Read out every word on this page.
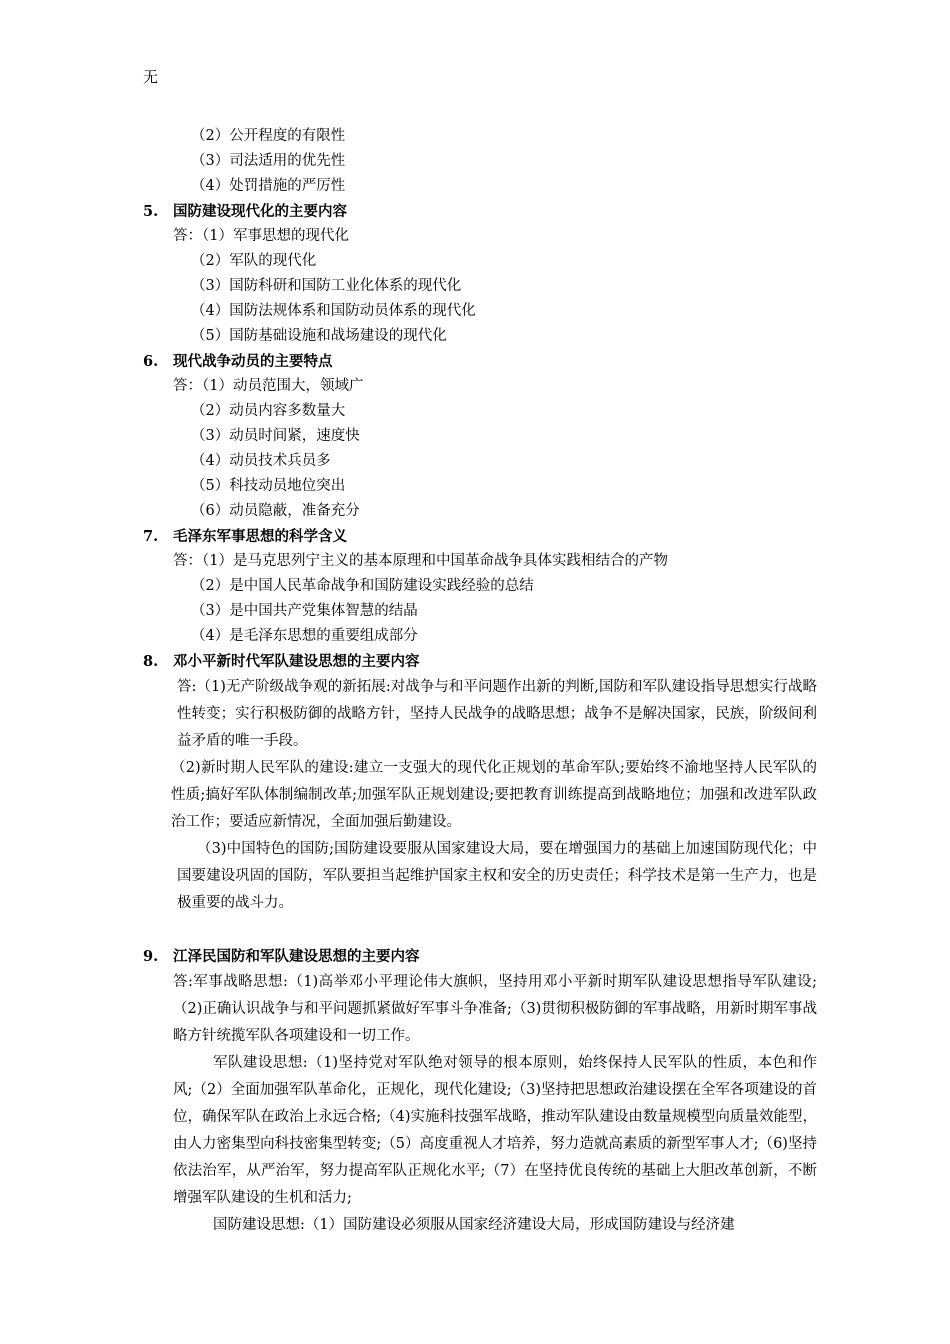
无
（2）公开程度的有限性
（3）司法适用的优先性
（4）处罚措施的严厉性
5. 国防建设现代化的主要内容
答：（1）军事思想的现代化
（2）军队的现代化
（3）国防科研和国防工业化体系的现代化
（4）国防法规体系和国防动员体系的现代化
（5）国防基础设施和战场建设的现代化
6. 现代战争动员的主要特点
答：（1）动员范围大，领域广
（2）动员内容多数量大
（3）动员时间紧，速度快
（4）动员技术兵员多
（5）科技动员地位突出
（6）动员隐蔽，准备充分
7. 毛泽东军事思想的科学含义
答：（1）是马克思列宁主义的基本原理和中国革命战争具体实践相结合的产物
（2）是中国人民革命战争和国防建设实践经验的总结
（3）是中国共产党集体智慧的结晶
（4）是毛泽东思想的重要组成部分
8. 邓小平新时代军队建设思想的主要内容
答:（1)无产阶级战争观的新拓展:对战争与和平问题作出新的判断,国防和军队建设指导思想实行战略性转变；实行积极防御的战略方针，坚持人民战争的战略思想；战争不是解决国家，民族，阶级间利益矛盾的唯一手段。
（2)新时期人民军队的建设:建立一支强大的现代化正规划的革命军队;要始终不渝地坚持人民军队的性质;搞好军队体制编制改革;加强军队正规划建设;要把教育训练提高到战略地位；加强和改进军队政治工作；要适应新情况，全面加强后勤建设。
（3)中国特色的国防;国防建设要服从国家建设大局，要在增强国力的基础上加速国防现代化；中国要建设巩固的国防，军队要担当起维护国家主权和安全的历史责任；科学技术是第一生产力，也是极重要的战斗力。
9. 江泽民国防和军队建设思想的主要内容
答:军事战略思想:（1)高举邓小平理论伟大旗帜，坚持用邓小平新时期军队建设思想指导军队建设;（2)正确认识战争与和平问题抓紧做好军事斗争准备;（3)贯彻积极防御的军事战略，用新时期军事战略方针统揽军队各项建设和一切工作。
军队建设思想:（1)坚持党对军队绝对领导的根本原则，始终保持人民军队的性质，本色和作风;（2）全面加强军队革命化，正规化，现代化建设;（3)坚持把思想政治建设摆在全军各项建设的首位，确保军队在政治上永远合格;（4)实施科技强军战略，推动军队建设由数量规模型向质量效能型，由人力密集型向科技密集型转变;（5）高度重视人才培养，努力造就高素质的新型军事人才;（6)坚持依法治军，从严治军，努力提高军队正规化水平;（7）在坚持优良传统的基础上大胆改革创新，不断增强军队建设的生机和活力;
国防建设思想:（1）国防建设必须服从国家经济建设大局，形成国防建设与经济建
